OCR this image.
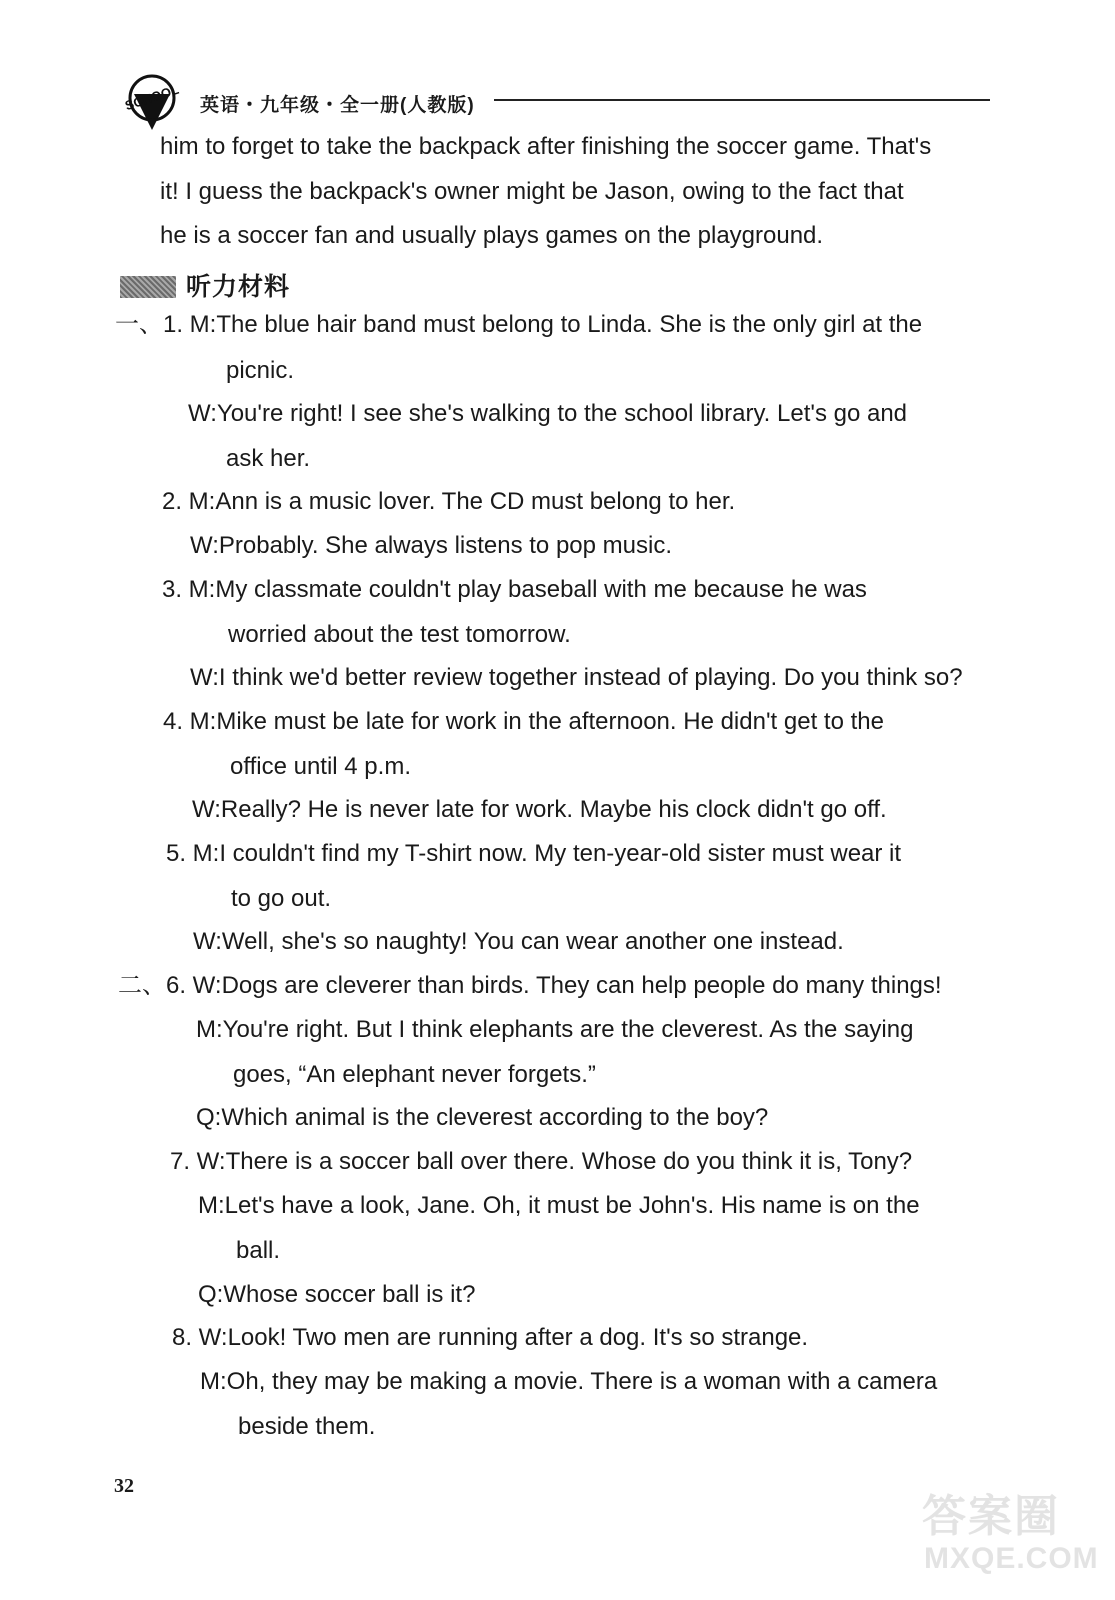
SCHOOL 英语・九年级・全一册(人教版)
him to forget to take the backpack after finishing the soccer game. That's
it! I guess the backpack's owner might be Jason, owing to the fact that
he is a soccer fan and usually plays games on the playground.
听力材料
一、1. M:The blue hair band must belong to Linda. She is the only girl at the
picnic.
W:You're right! I see she's walking to the school library. Let's go and
ask her.
2. M:Ann is a music lover. The CD must belong to her.
W:Probably. She always listens to pop music.
3. M:My classmate couldn't play baseball with me because he was
worried about the test tomorrow.
W:I think we'd better review together instead of playing. Do you think so?
4. M:Mike must be late for work in the afternoon. He didn't get to the
office until 4 p.m.
W:Really? He is never late for work. Maybe his clock didn't go off.
5. M:I couldn't find my T-shirt now. My ten-year-old sister must wear it
to go out.
W:Well, she's so naughty! You can wear another one instead.
二、6. W:Dogs are cleverer than birds. They can help people do many things!
M:You're right. But I think elephants are the cleverest. As the saying
goes, “An elephant never forgets.”
Q:Which animal is the cleverest according to the boy?
7. W:There is a soccer ball over there. Whose do you think it is, Tony?
M:Let's have a look, Jane. Oh, it must be John's. His name is on the
ball.
Q:Whose soccer ball is it?
8. W:Look! Two men are running after a dog. It's so strange.
M:Oh, they may be making a movie. There is a woman with a camera
beside them.
32
答案圈
MXQE.COM
